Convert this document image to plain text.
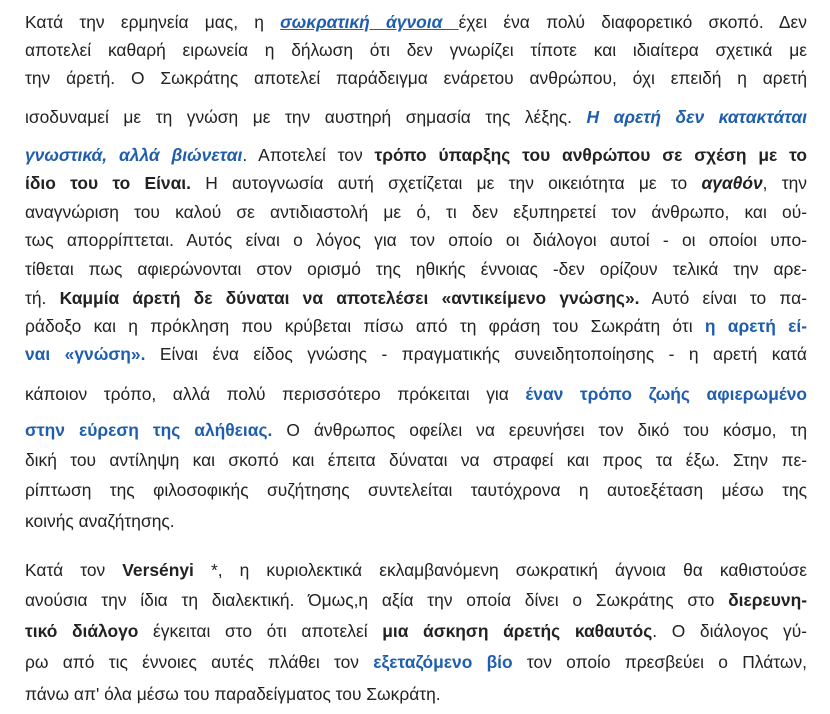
Κατά την ερμηνεία μας, η σωκρατική άγνοια έχει ένα πολύ διαφορετικό σκοπό. Δεν
αποτελεί καθαρή ειρωνεία η δήλωση ότι δεν γνωρίζει τίποτε και ιδιαίτερα σχετικά με
την άρετή. Ο Σωκράτης αποτελεί παράδειγμα ενάρετου ανθρώπου, όχι επειδή η αρετή
ισοδυναμεί με τη γνώση με την αυστηρή σημασία της λέξης. Η αρετή δεν κατακτάται
γνωστικά, αλλά βιώνεται. Αποτελεί τον τρόπο ύπαρξης του ανθρώπου σε σχέση με το
ίδιο του το Είναι. Η αυτογνωσία αυτή σχετίζεται με την οικειότητα με το αγαθόν, την
αναγνώριση του καλού σε αντιδιαστολή με ό, τι δεν εξυπηρετεί τον άνθρωπο, και ού-
τως απορρίπτεται. Αυτός είναι ο λόγος για τον οποίο οι διάλογοι αυτοί - οι οποίοι υπο-
τίθεται πως αφιερώνονται στον ορισμό της ηθικής έννοιας -δεν ορίζουν τελικά την αρε-
τή. Καμμία άρετή δε δύναται να αποτελέσει «αντικείμενο γνώσης». Αυτό είναι το πα-
ράδοξο και η πρόκληση που κρύβεται πίσω από τη φράση του Σωκράτη ότι η αρετή εί-
ναι «γνώση». Είναι ένα είδος γνώσης - πραγματικής συνειδητοποίησης - η αρετή κατά
κάποιον τρόπο, αλλά πολύ περισσότερο πρόκειται για έναν τρόπο ζωής αφιερωμένο
στην εύρεση της αλήθειας. Ο άνθρωπος οφείλει να ερευνήσει τον δικό του κόσμο, τη
δική του αντίληψη και σκοπό και έπειτα δύναται να στραφεί και προς τα έξω. Στην πε-
ρίπτωση της φιλοσοφικής συζήτησης συντελείται ταυτόχρονα η αυτοεξέταση μέσω της
κοινής αναζήτησης.
Κατά τον Versényi *, η κυριολεκτικά εκλαμβανόμενη σωκρατική άγνοια θα καθιστούσε
ανούσια την ίδια τη διαλεκτική. Όμως,η αξία την οποία δίνει ο Σωκράτης στο διερευνη-
τικό διάλογο έγκειται στο ότι αποτελεί μια άσκηση άρετής καθαυτός. Ο διάλογος γύ-
ρω από τις έννοιες αυτές πλάθει τον εξεταζόμενο βίο τον οποίο πρεσβεύει ο Πλάτων,
πάνω απ' όλα μέσω του παραδείγματος του Σωκράτη.
